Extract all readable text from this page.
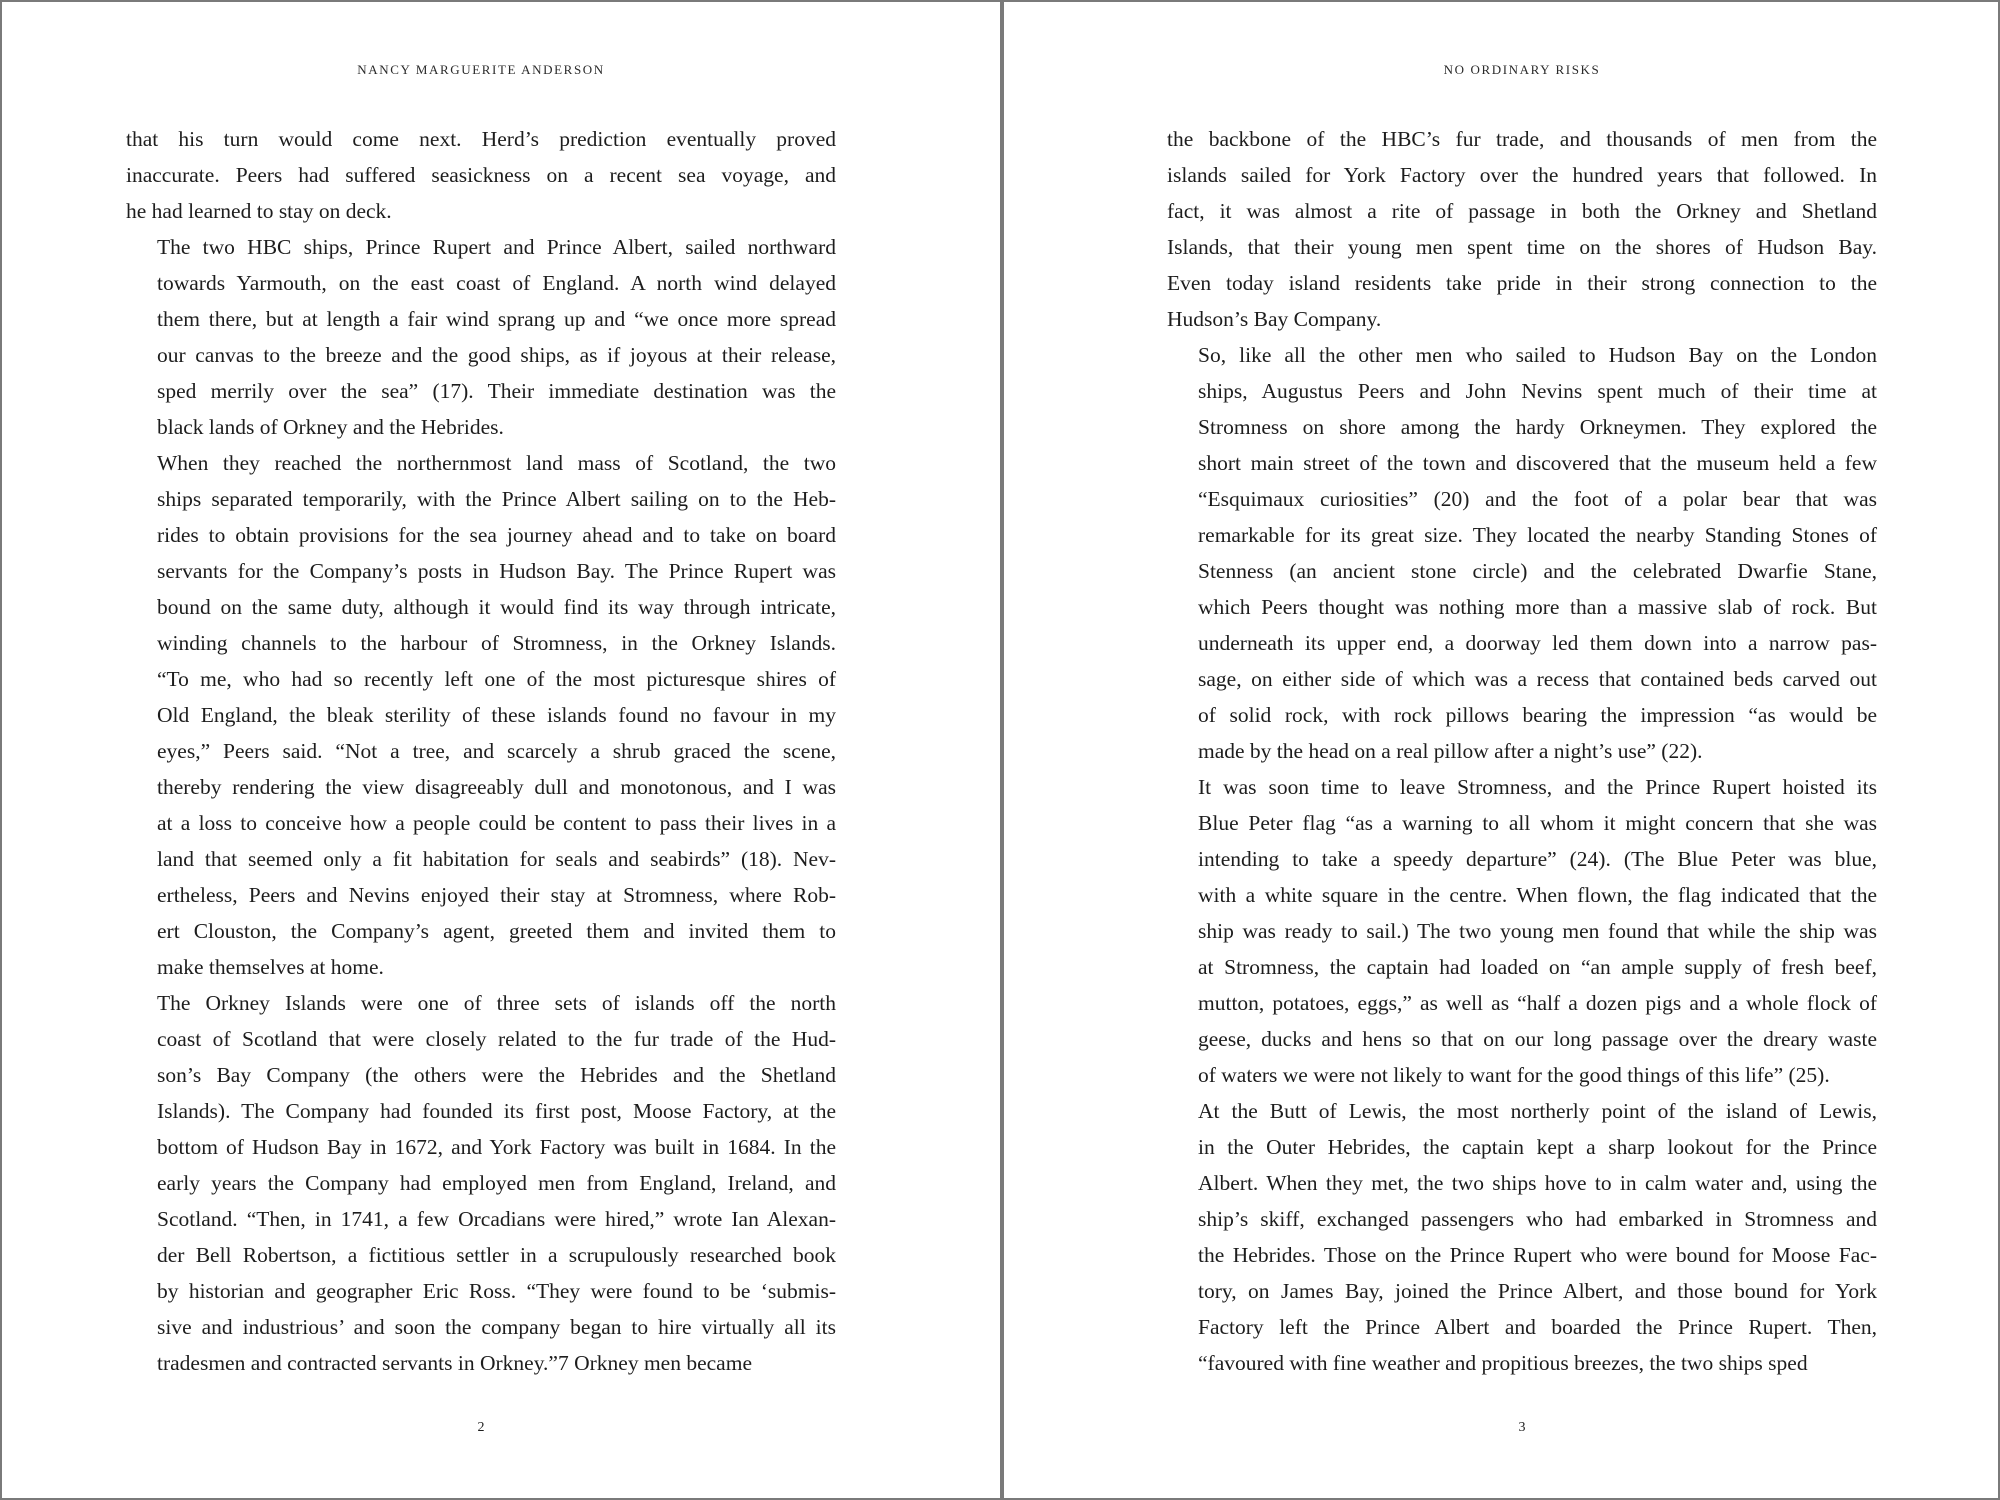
NANCY MARGUERITE ANDERSON

that his turn would come next. Herd’s prediction eventually proved
inaccurate. Peers had suffered seasickness on a recent sea voyage, and
he had learned to stay on deck.

The two HBC ships, Prince Rupert and Prince Albert, sailed northward
towards Yarmouth, on the east coast of England. A north wind delayed
them there, but at length a fair wind sprang up and “we once more spread
our canvas to the breeze and the good ships, as if joyous at their release,
sped merrily over the sea” (17). Their immediate destination was the
black lands of Orkney and the Hebrides.

When they reached the northernmost land mass of Scotland, the two
ships separated temporarily, with the Prince Albert sailing on to the Heb-
rides to obtain provisions for the sea journey ahead and to take on board
servants for the Company’s posts in Hudson Bay. The Prince Rupert was
bound on the same duty, although it would find its way through intricate,
winding channels to the harbour of Stromness, in the Orkney Islands.
“To me, who had so recently left one of the most picturesque shires of
Old England, the bleak sterility of these islands found no favour in my
eyes,” Peers said. “Not a tree, and scarcely a shrub graced the scene,
thereby rendering the view disagreeably dull and monotonous, and I was
at a loss to conceive how a people could be content to pass their lives in a
land that seemed only a fit habitation for seals and seabirds” (18). Nev-
ertheless, Peers and Nevins enjoyed their stay at Stromness, where Rob-
ert Clouston, the Company’s agent, greeted them and invited them to
make themselves at home.

The Orkney Islands were one of three sets of islands off the north
coast of Scotland that were closely related to the fur trade of the Hud-
son’s Bay Company (the others were the Hebrides and the Shetland
Islands). The Company had founded its first post, Moose Factory, at the
bottom of Hudson Bay in 1672, and York Factory was built in 1684. In the
early years the Company had employed men from England, Ireland, and
Scotland. “Then, in 1741, a few Orcadians were hired,” wrote Ian Alexan-
der Bell Robertson, a fictitious settler in a scrupulously researched book
by historian and geographer Eric Ross. “They were found to be ‘submis-
sive and industrious’ and soon the company began to hire virtually all its
tradesmen and contracted servants in Orkney.”7 Orkney men became

2
NO ORDINARY RISKS

the backbone of the HBC’s fur trade, and thousands of men from the
islands sailed for York Factory over the hundred years that followed. In
fact, it was almost a rite of passage in both the Orkney and Shetland
Islands, that their young men spent time on the shores of Hudson Bay.
Even today island residents take pride in their strong connection to the
Hudson’s Bay Company.

So, like all the other men who sailed to Hudson Bay on the London
ships, Augustus Peers and John Nevins spent much of their time at
Stromness on shore among the hardy Orkneymen. They explored the
short main street of the town and discovered that the museum held a few
“Esquimaux curiosities” (20) and the foot of a polar bear that was
remarkable for its great size. They located the nearby Standing Stones of
Stenness (an ancient stone circle) and the celebrated Dwarfie Stane,
which Peers thought was nothing more than a massive slab of rock. But
underneath its upper end, a doorway led them down into a narrow pas-
sage, on either side of which was a recess that contained beds carved out
of solid rock, with rock pillows bearing the impression “as would be
made by the head on a real pillow after a night’s use” (22).

It was soon time to leave Stromness, and the Prince Rupert hoisted its
Blue Peter flag “as a warning to all whom it might concern that she was
intending to take a speedy departure” (24). (The Blue Peter was blue,
with a white square in the centre. When flown, the flag indicated that the
ship was ready to sail.) The two young men found that while the ship was
at Stromness, the captain had loaded on “an ample supply of fresh beef,
mutton, potatoes, eggs,” as well as “half a dozen pigs and a whole flock of
geese, ducks and hens so that on our long passage over the dreary waste
of waters we were not likely to want for the good things of this life” (25).

At the Butt of Lewis, the most northerly point of the island of Lewis,
in the Outer Hebrides, the captain kept a sharp lookout for the Prince
Albert. When they met, the two ships hove to in calm water and, using the
ship’s skiff, exchanged passengers who had embarked in Stromness and
the Hebrides. Those on the Prince Rupert who were bound for Moose Fac-
tory, on James Bay, joined the Prince Albert, and those bound for York
Factory left the Prince Albert and boarded the Prince Rupert. Then,
“favoured with fine weather and propitious breezes, the two ships sped

3
